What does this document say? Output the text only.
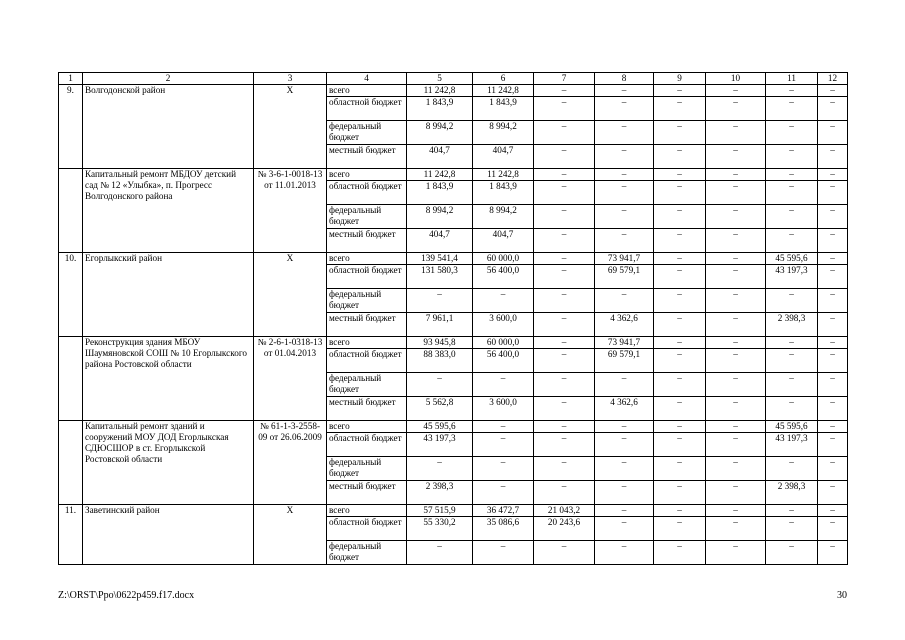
1	2	3	4	5	6	7	8	9	10	11	12
9.	Волгодонской район	Х	всего	11 242,8	11 242,8	–	–	–	–	–	–
			областной бюджет	1 843,9	1 843,9	–	–	–	–	–	–
			федеральный бюджет	8 994,2	8 994,2	–	–	–	–	–	–
			местный бюджет	404,7	404,7	–	–	–	–	–	–
	Капитальный ремонт МБДОУ детский сад № 12 «Улыбка», п. Прогресс Волгодонского района	№ 3-6-1-0018-13 от 11.01.2013	всего	11 242,8	11 242,8	–	–	–	–	–	–
			областной бюджет	1 843,9	1 843,9	–	–	–	–	–	–
			федеральный бюджет	8 994,2	8 994,2	–	–	–	–	–	–
			местный бюджет	404,7	404,7	–	–	–	–	–	–
10.	Егорлыкский район	Х	всего	139 541,4	60 000,0	–	73 941,7	–	–	45 595,6	–
			областной бюджет	131 580,3	56 400,0	–	69 579,1	–	–	43 197,3	–
			федеральный бюджет	–	–	–	–	–	–	–	–
			местный бюджет	7 961,1	3 600,0	–	4 362,6	–	–	2 398,3	–
	Реконструкция здания МБОУ Шаумяновской СОШ № 10 Егорлыкского района Ростовской области	№ 2-6-1-0318-13 от 01.04.2013	всего	93 945,8	60 000,0	–	73 941,7	–	–	–	–
			областной бюджет	88 383,0	56 400,0	–	69 579,1	–	–	–	–
			федеральный бюджет	–	–	–	–	–	–	–	–
			местный бюджет	5 562,8	3 600,0	–	4 362,6	–	–	–	–
	Капитальный ремонт зданий и сооружений МОУ ДОД Егорлыкская СДЮСШОР в ст. Егорлыкской Ростовской области	№ 61-1-3-2558-09 от 26.06.2009	всего	45 595,6	–	–	–	–	–	45 595,6	–
			областной бюджет	43 197,3	–	–	–	–	–	43 197,3	–
			федеральный бюджет	–	–	–	–	–	–	–	–
			местный бюджет	2 398,3	–	–	–	–	–	2 398,3	–
11.	Заветинский район	Х	всего	57 515,9	36 472,7	21 043,2	–	–	–	–	–
			областной бюджет	55 330,2	35 086,6	20 243,6	–	–	–	–	–
			федеральный бюджет	–	–	–	–	–	–	–	–
Z:\ORST\Ppo\0622p459.f17.docx	30
